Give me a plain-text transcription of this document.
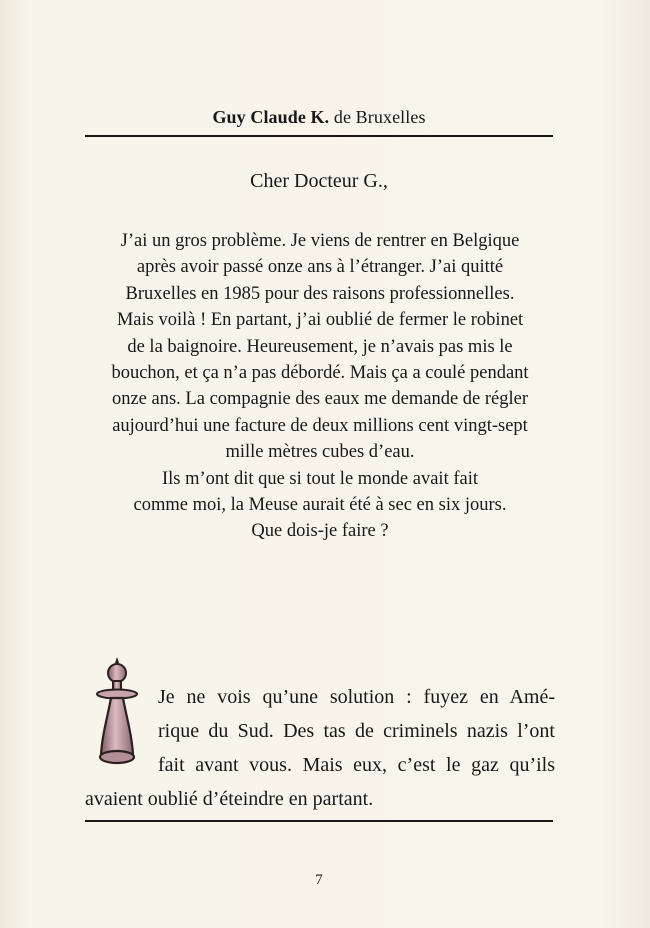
Guy Claude K. de Bruxelles
Cher Docteur G.,
J’ai un gros problème. Je viens de rentrer en Belgique
après avoir passé onze ans à l’étranger. J’ai quitté
Bruxelles en 1985 pour des raisons professionnelles.
Mais voilà ! En partant, j’ai oublié de fermer le robinet
de la baignoire. Heureusement, je n’avais pas mis le
bouchon, et ça n’a pas débordé. Mais ça a coulé pendant
onze ans. La compagnie des eaux me demande de régler
aujourd’hui une facture de deux millions cent vingt-sept
mille mètres cubes d’eau.
Ils m’ont dit que si tout le monde avait fait
comme moi, la Meuse aurait été à sec en six jours.
Que dois-je faire ?
Je ne vois qu’une solution : fuyez en Amé-
rique du Sud. Des tas de criminels nazis l’ont
fait avant vous. Mais eux, c’est le gaz qu’ils
avaient oublié d’éteindre en partant.
7
